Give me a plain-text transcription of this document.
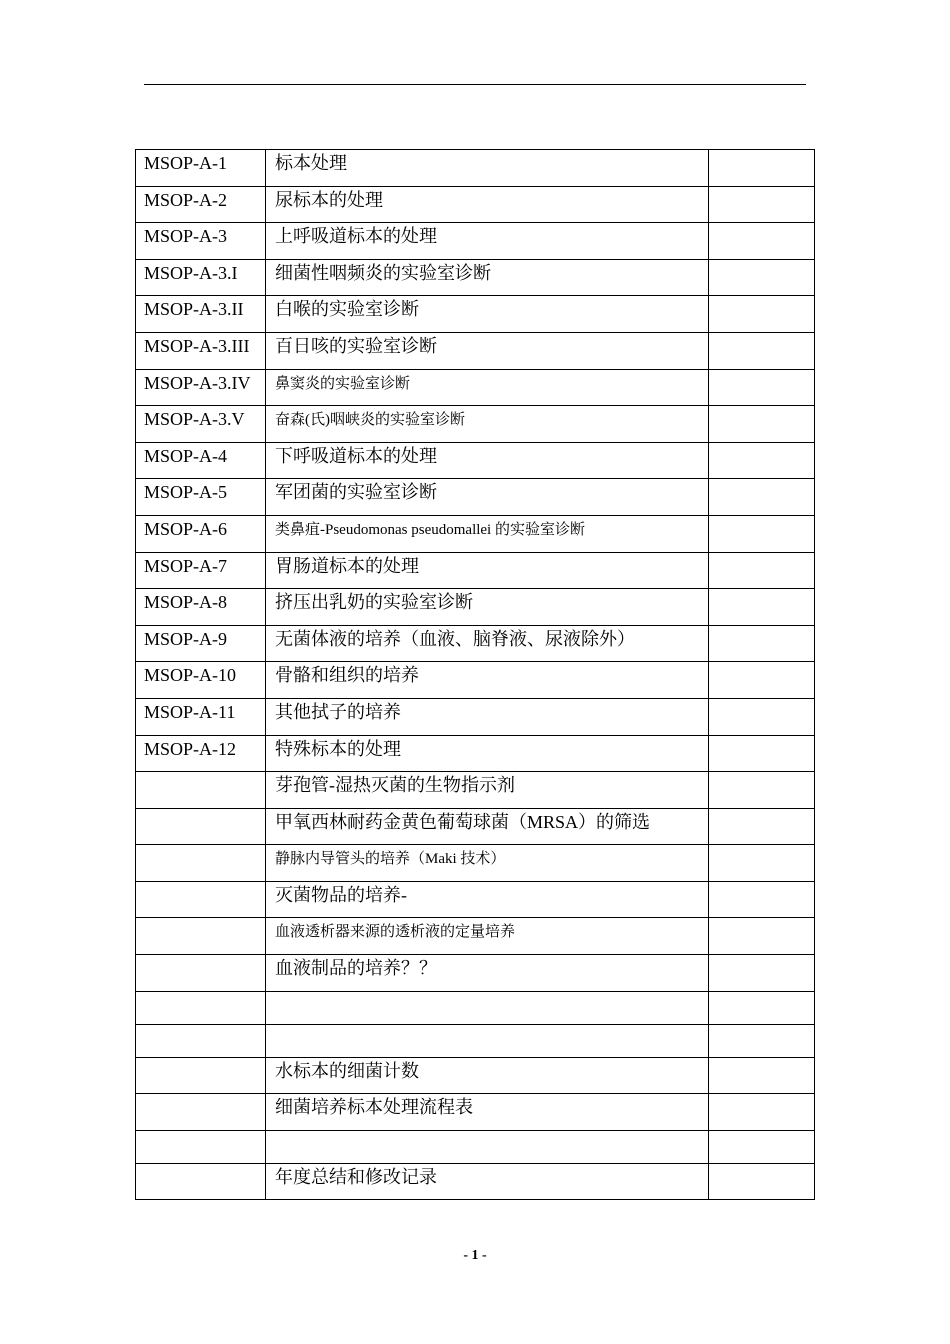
MSOP-A-1	标本处理	

MSOP-A-2	尿标本的处理	

MSOP-A-3	上呼吸道标本的处理	

MSOP-A-3.I	细菌性咽频炎的实验室诊断	

MSOP-A-3.II	白喉的实验室诊断	

MSOP-A-3.III	百日咳的实验室诊断	

MSOP-A-3.IV	鼻窦炎的实验室诊断	

MSOP-A-3.V	奋森(氏)咽峡炎的实验室诊断	

MSOP-A-4	下呼吸道标本的处理	

MSOP-A-5	军团菌的实验室诊断	

MSOP-A-6	类鼻疽-Pseudomonas pseudomallei 的实验室诊断	

MSOP-A-7	胃肠道标本的处理	

MSOP-A-8	挤压出乳奶的实验室诊断	

MSOP-A-9	无菌体液的培养（血液、脑脊液、尿液除外）	

MSOP-A-10	骨骼和组织的培养	

MSOP-A-11	其他拭子的培养	

MSOP-A-12	特殊标本的处理	

	芽孢管-湿热灭菌的生物指示剂	

	甲氧西林耐药金黄色葡萄球菌（MRSA）的筛选	

	静脉内导管头的培养（Maki 技术）	

	灭菌物品的培养-	

	血液透析器来源的透析液的定量培养	

	血液制品的培养？？	

	水标本的细菌计数	

	细菌培养标本处理流程表	

	年度总结和修改记录	

- 1 -
